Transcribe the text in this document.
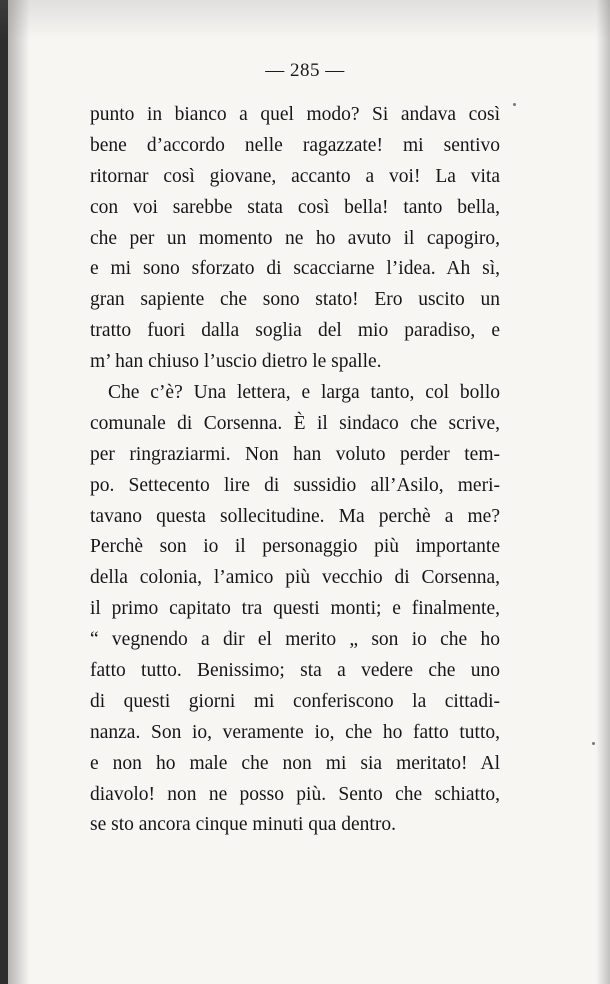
— 285 —
punto in bianco a quel modo? Si andava così
bene d’accordo nelle ragazzate! mi sentivo
ritornar così giovane, accanto a voi! La vita
con voi sarebbe stata così bella! tanto bella,
che per un momento ne ho avuto il capogiro,
e mi sono sforzato di scacciarne l’idea. Ah sì,
gran sapiente che sono stato! Ero uscito un
tratto fuori dalla soglia del mio paradiso, e
m’ han chiuso l’uscio dietro le spalle.
Che c’è? Una lettera, e larga tanto, col bollo
comunale di Corsenna. È il sindaco che scrive,
per ringraziarmi. Non han voluto perder tem-
po. Settecento lire di sussidio all’Asilo, meri-
tavano questa sollecitudine. Ma perchè a me?
Perchè son io il personaggio più importante
della colonia, l’amico più vecchio di Corsenna,
il primo capitato tra questi monti; e finalmente,
“ vegnendo a dir el merito „ son io che ho
fatto tutto. Benissimo; sta a vedere che uno
di questi giorni mi conferiscono la cittadi-
nanza. Son io, veramente io, che ho fatto tutto,
e non ho male che non mi sia meritato! Al
diavolo! non ne posso più. Sento che schiatto,
se sto ancora cinque minuti qua dentro.
